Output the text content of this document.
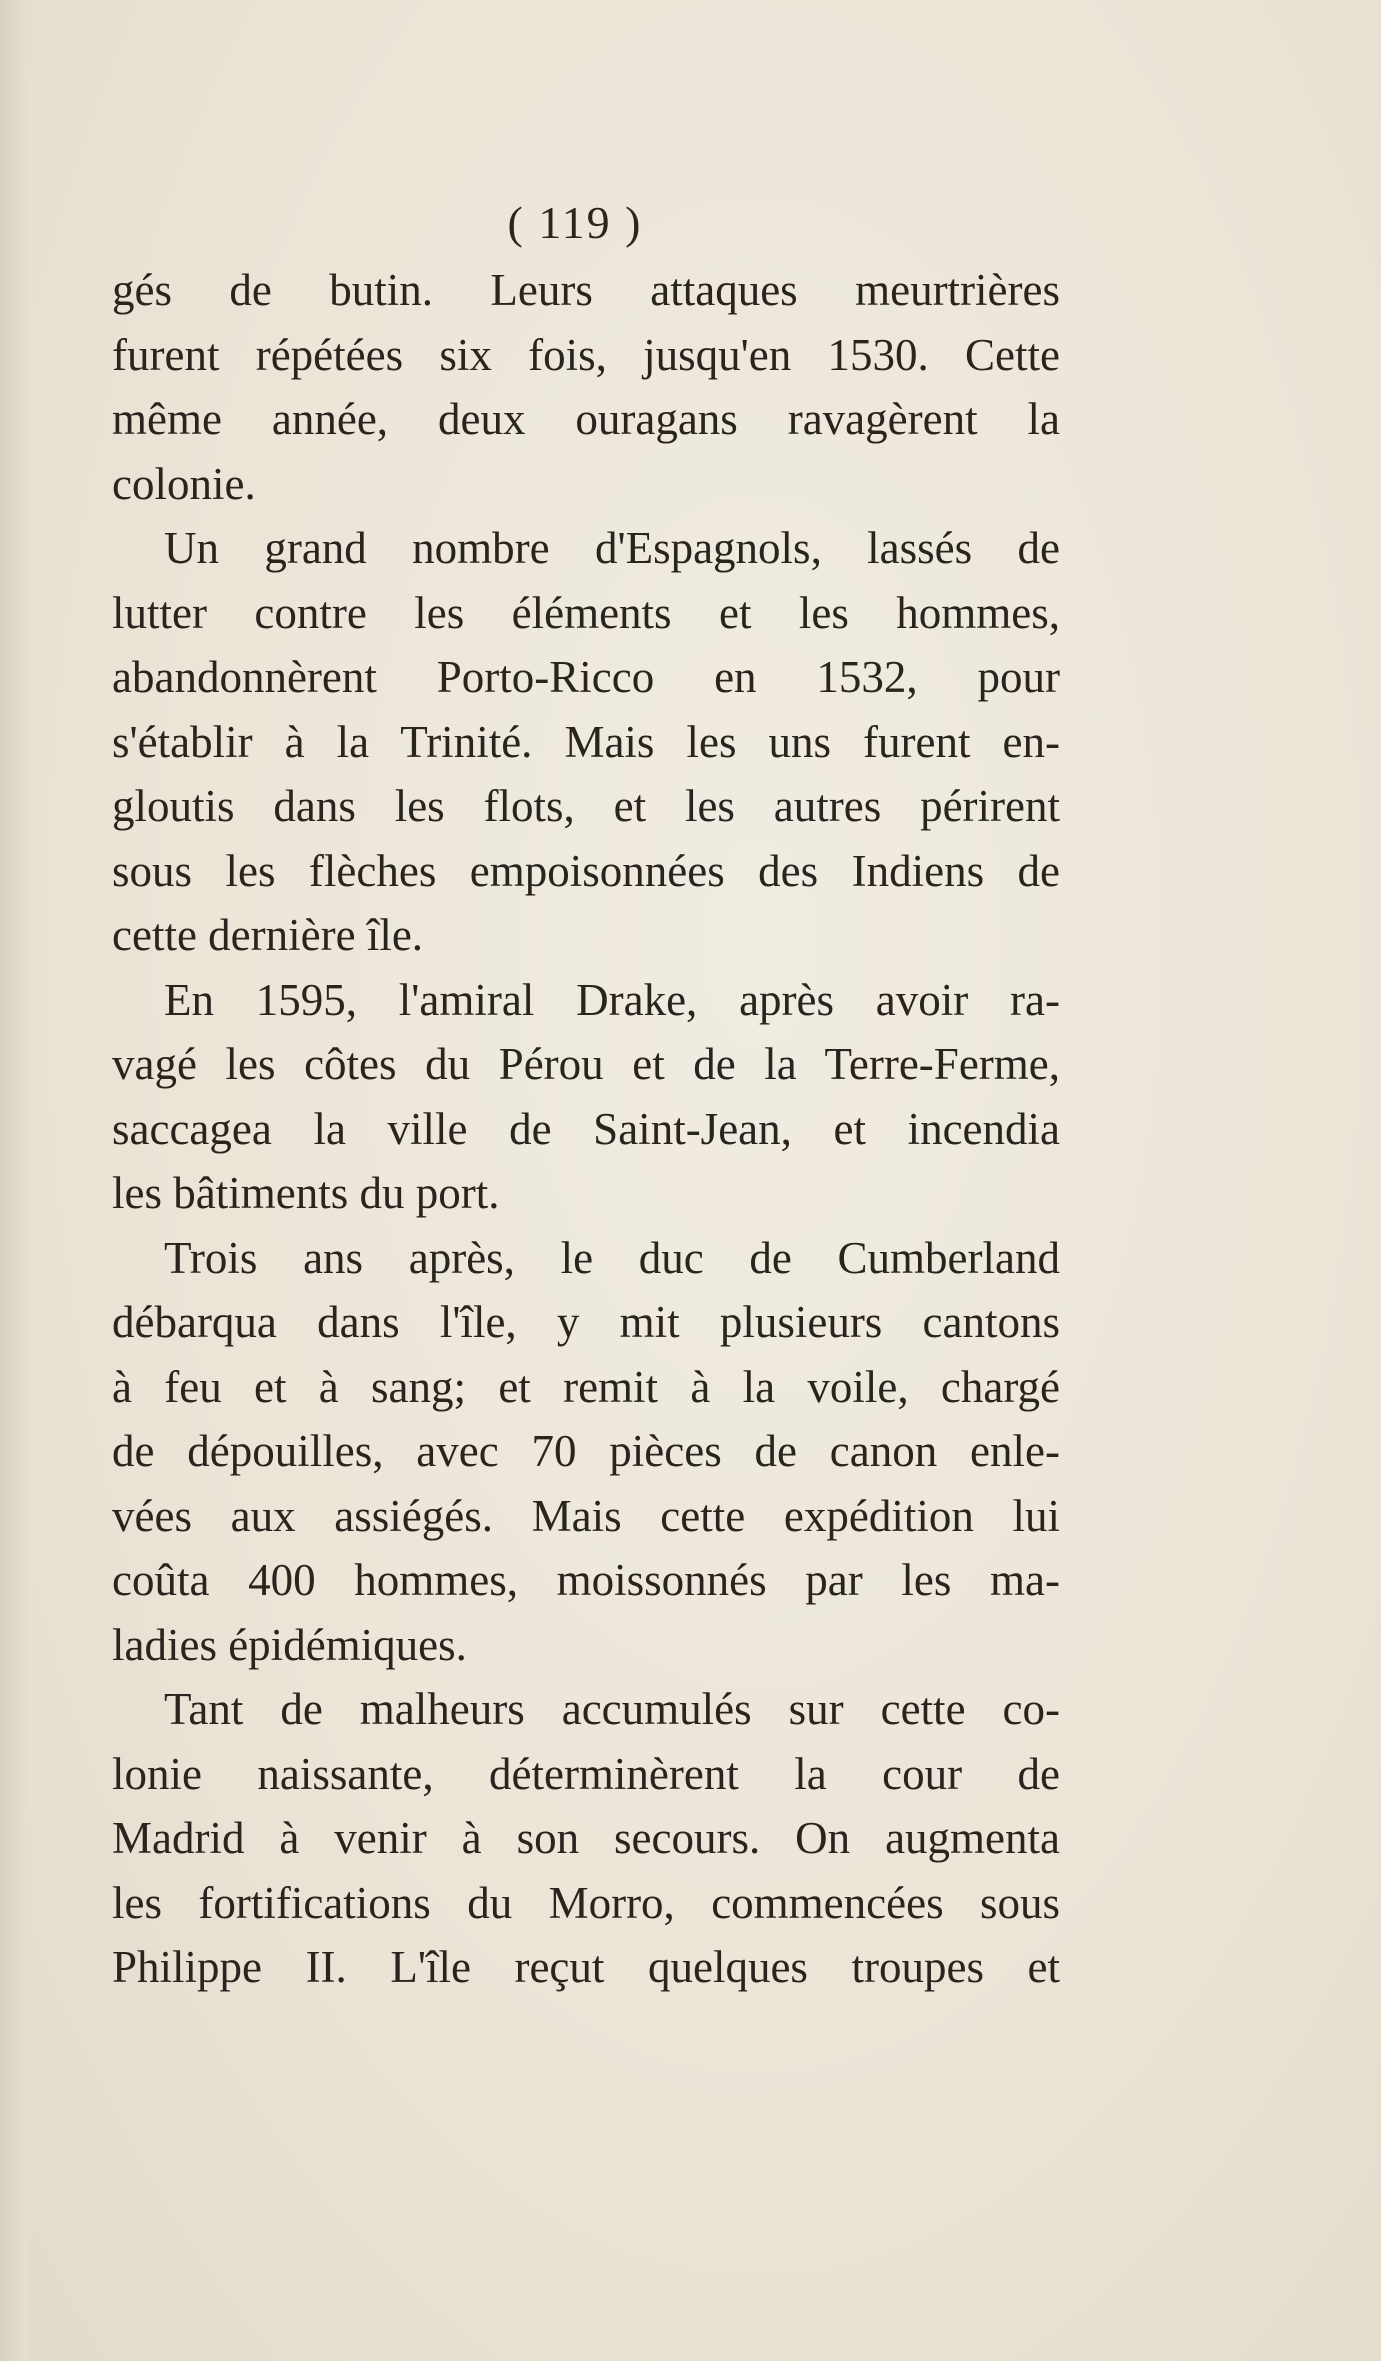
( 119 )
gés de butin. Leurs attaques meurtrières
furent répétées six fois, jusqu'en 1530. Cette
même année, deux ouragans ravagèrent la
colonie.
Un grand nombre d'Espagnols, lassés de
lutter contre les éléments et les hommes,
abandonnèrent Porto-Ricco en 1532, pour
s'établir à la Trinité. Mais les uns furent en-
gloutis dans les flots, et les autres périrent
sous les flèches empoisonnées des Indiens de
cette dernière île.
En 1595, l'amiral Drake, après avoir ra-
vagé les côtes du Pérou et de la Terre-Ferme,
saccagea la ville de Saint-Jean, et incendia
les bâtiments du port.
Trois ans après, le duc de Cumberland
débarqua dans l'île, y mit plusieurs cantons
à feu et à sang; et remit à la voile, chargé
de dépouilles, avec 70 pièces de canon enle-
vées aux assiégés. Mais cette expédition lui
coûta 400 hommes, moissonnés par les ma-
ladies épidémiques.
Tant de malheurs accumulés sur cette co-
lonie naissante, déterminèrent la cour de
Madrid à venir à son secours. On augmenta
les fortifications du Morro, commencées sous
Philippe II. L'île reçut quelques troupes et
